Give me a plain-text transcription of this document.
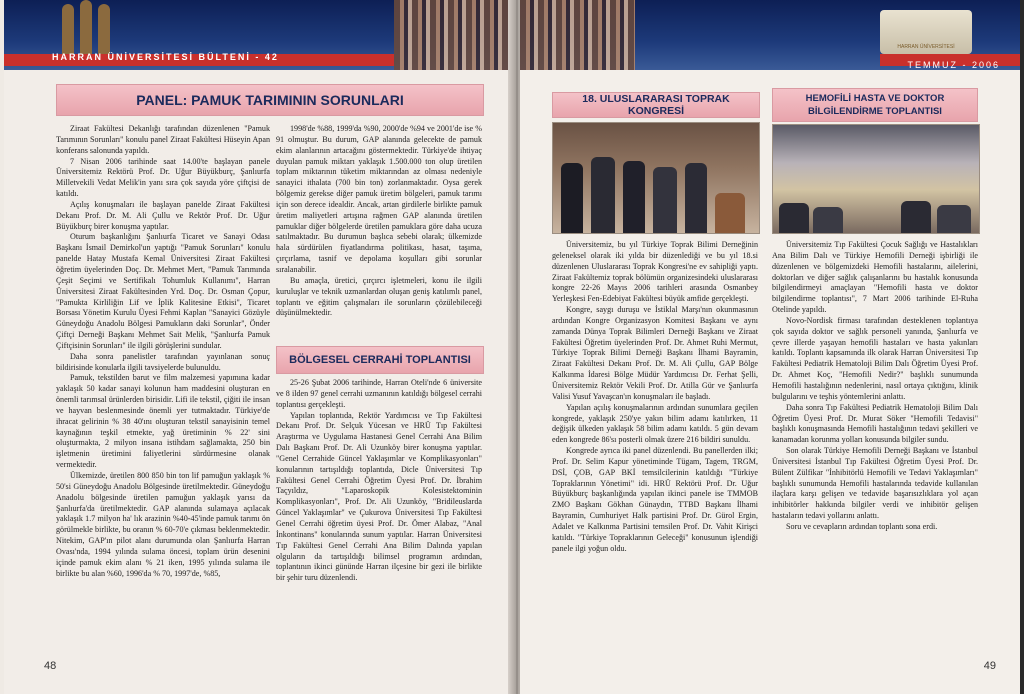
HARRAN ÜNİVERSİTESİ BÜLTENİ - 42
PANEL: PAMUK TARIMININ SORUNLARI

Ziraat Fakültesi Dekanlığı tarafından düzenlenen "Pamuk Tarımının Sorunları" konulu panel Ziraat Fakültesi Hüseyin Apan konferans salonunda yapıldı.

7 Nisan 2006 tarihinde saat 14.00'te başlayan panele Üniversitemiz Rektörü Prof. Dr. Uğur Büyükburç, Şanlıurfa Milletvekili Vedat Melik'in yanı sıra çok sayıda yöre çiftçisi de katıldı.

Açılış konuşmaları ile başlayan panelde Ziraat Fakültesi Dekanı Prof. Dr. M. Ali Çullu ve Rektör Prof. Dr. Uğur Büyükburç birer konuşma yaptılar.

Oturum başkanlığını Şanlıurfa Ticaret ve Sanayi Odası Başkanı İsmail Demirkol'un yaptığı "Pamuk Sorunları" konulu panelde Hatay Mustafa Kemal Üniversitesi Ziraat Fakültesi öğretim üyelerinden Doç. Dr. Mehmet Mert, "Pamuk Tarımında Çeşit Seçimi ve Sertifikalı Tohumluk Kullanımı", Harran Üniversitesi Ziraat Fakültesinden Yrd. Doç. Dr. Osman Çopur, "Pamukta Kirliliğin Lif ve İplik Kalitesine Etkisi", Ticaret Borsası Yönetim Kurulu Üyesi Fehmi Kaplan "Sanayici Gözüyle Güneydoğu Anadolu Bölgesi Pamukların daki Sorunlar", Önder Çiftçi Derneği Başkanı Mehmet Sait Melik, "Şanlıurfa Pamuk Çiftçisinin Sorunları" ile ilgili görüşlerini sundular.

Daha sonra panelistler tarafından yayınlanan sonuç bildirisinde konularla ilgili tavsiyelerde bulunuldu.

Pamuk, tekstilden barut ve film malzemesi yapımına kadar yaklaşık 50 kadar sanayi kolunun ham maddesini oluşturan en önemli tarımsal ürünlerden birisidir. Lifi ile tekstil, çiğiti ile insan ve hayvan beslenmesinde önemli yer tutmaktadır. Türkiye'de ihracat gelirinin % 38 40'ını oluşturan tekstil sanayisinin temel kaynağının teşkil etmekte, yağ üretiminin % 22' sini oluşturmakta, 2 milyon insana istihdam sağlamakta, 250 bin işletmenin üretimini faliyetlerini sürdürmesine olanak vermektedir.

Ülkemizde, üretilen 800 850 bin ton lif pamuğun yaklaşık % 50'si Güneydoğu Anadolu Bölgesinde üretilmektedir. Güneydoğu Anadolu bölgesinde üretilen pamuğun yaklaşık yarısı da Şanlıurfa'da üretilmektedir. GAP alanında sulamaya açılacak yaklaşık 1.7 milyon ha' lık arazinin %40-45'inde pamuk tarımı ön görülmekle birlikte, bu oranın % 60-70'e çıkması beklenmektedir. Nitekim, GAP'ın pilot alanı durumunda olan Şanlıurfa Harran Ovası'nda, 1994 yılında sulama öncesi, toplam ürün desenini içinde pamuk ekim alanı % 21 iken, 1995 yılında sulama ile birlikte bu alan %60, 1996'da % 70, 1997'de, %85,

1998'de %88, 1999'da %90, 2000'de %94 ve 2001'de ise % 91 olmuştur. Bu durum, GAP alanında gelecekte de pamuk ekim alanlarının artacağını göstermektedir. Türkiye'de ihtiyaç duyulan pamuk miktarı yaklaşık 1.500.000 ton olup üretilen toplam miktarının tüketim miktarından az olması nedeniyle sanayici ithalata (700 bin ton) zorlanmaktadır. Oysa gerek bölgemiz gerekse diğer pamuk üretim bölgeleri, pamuk tarımı için son derece idealdir. Ancak, artan girdilerle birlikte pamuk üretim maliyetleri artışına rağmen GAP alanında üretilen pamuklar diğer bölgelerde üretilen pamuklara göre daha ucuza satılmaktadır. Bu durumun başlıca sebebi olarak; ülkemizde hala sürdürülen fiyatlandırma politikası, hasat, taşıma, çırçırlama, tasnif ve depolama koşulları gibi sorunlar sıralanabilir.

Bu amaçla, üretici, çırçırcı işletmeleri, konu ile ilgili kuruluşlar ve teknik uzmanlardan oluşan geniş katılımlı panel, toplantı ve eğitim çalışmaları ile sorunların çözülebileceği düşünülmektedir.

BÖLGESEL CERRAHİ TOPLANTISI

25-26 Şubat 2006 tarihinde, Harran Oteli'nde 6 üniversite ve 8 ilden 97 genel cerrahi uzmanının katıldığı bölgesel cerrahi toplantısı gerçekleşti.

Yapılan toplantıda, Rektör Yardımcısı ve Tıp Fakültesi Dekanı Prof. Dr. Selçuk Yücesan ve HRÜ Tıp Fakültesi Araştırma ve Uygulama Hastanesi Genel Cerrahi Ana Bilim Dalı Başkanı Prof. Dr. Ali Uzunköy birer konuşma yaptılar. "Genel Cerrahide Güncel Yaklaşımlar ve Komplikasyonları" konularının tartışıldığı toplantıda, Dicle Üniversitesi Tıp Fakültesi Genel Cerrahi Öğretim Üyesi Prof. Dr. İbrahim Taçyıldız, "Laparoskopik Kolesistektominin Komplikasyonları", Prof. Dr. Ali Uzunköy, "Bridileuslarda Güncel Yaklaşımlar" ve Çukurova Üniversitesi Tıp Fakültesi Genel Cerrahi öğretim üyesi Prof. Dr. Ömer Alabaz, "Anal İnkontinans" konularında sunum yaptılar. Harran Üniversitesi Tıp Fakültesi Genel Cerrahi Ana Bilim Dalında yapılan olguların da tartışıldığı bilimsel programın ardından, toplantının ikinci gününde Harran ilçesine bir gezi ile birlikte bir şehir turu düzenlendi.

48
HARRAN ÜNİVERSİTESİ
TEMMUZ - 2006
18. ULUSLARARASI TOPRAK KONGRESİ
HEMOFİLİ HASTA VE DOKTOR BİLGİLENDİRME TOPLANTISI

Üniversitemiz, bu yıl Türkiye Toprak Bilimi Derneğinin geleneksel olarak iki yılda bir düzenlediği ve bu yıl 18.si düzenlenen Uluslararası Toprak Kongresi'ne ev sahipliği yaptı. Ziraat Fakültemiz toprak bölümün organizesindeki uluslararası kongre 22-26 Mayıs 2006 tarihleri arasında Osmanbey Yerleşkesi Fen-Edebiyat Fakültesi büyük amfide gerçekleşti.

Kongre, saygı duruşu ve İstiklal Marşı'nın okunmasının ardından Kongre Organizasyon Komitesi Başkanı ve aynı zamanda Dünya Toprak Bilimleri Derneği Başkanı ve Ziraat Fakültesi Öğretim üyelerinden Prof. Dr. Ahmet Ruhi Mermut, Türkiye Toprak Bilimi Derneği Başkanı İlhami Bayramin, Ziraat Fakültesi Dekanı Prof. Dr. M. Ali Çullu, GAP Bölge Kalkınma İdaresi Bölge Müdür Yardımcısı Dr. Ferhat Şelli, Üniversitemiz Rektör Vekili Prof. Dr. Atilla Gür ve Şanlıurfa Valisi Yusuf Yavaşcan'ın konuşmaları ile başladı.

Yapılan açılış konuşmalarının ardından sunumlara geçilen kongrede, yaklaşık 250'ye yakın bilim adamı katılırken, 11 değişik ülkeden yaklaşık 58 bilim adamı katıldı. 5 gün devam eden kongrede 86'sı posterli olmak üzere 216 bildiri sunuldu.

Kongrede ayrıca iki panel düzenlendi. Bu panellerden ilki; Prof. Dr. Selim Kapur yönetiminde Tügam, Tagem, TRGM, DSİ, ÇOB, GAP BKİ temsilcilerinin katıldığı "Türkiye Topraklarının Yönetimi" idi. HRÜ Rektörü Prof. Dr. Uğur Büyükburç başkanlığında yapılan ikinci panele ise TMMOB ZMO Başkanı Gökhan Günaydın, TTBD Başkanı İlhami Bayramin, Cumhuriyet Halk partisini Prof. Dr. Gürol Ergin, Adalet ve Kalkınma Partisini temsilen Prof. Dr. Vahit Kirişci katıldı. "Türkiye Topraklarının Geleceği" konusunun işlendiği panele ilgi yoğun oldu.

Üniversitemiz Tıp Fakültesi Çocuk Sağlığı ve Hastalıkları Ana Bilim Dalı ve Türkiye Hemofili Derneği işbirliği ile düzenlenen ve bölgemizdeki Hemofili hastalarını, ailelerini, doktorları ve diğer sağlık çalışanlarını bu hastalık konusunda bilgilendirmeyi amaçlayan "Hemofili hasta ve doktor bilgilendirme toplantısı", 7 Mart 2006 tarihinde El-Ruha Otelinde yapıldı.

Novo-Nordisk firması tarafından desteklenen toplantıya çok sayıda doktor ve sağlık personeli yanında, Şanlıurfa ve çevre illerde yaşayan hemofili hastaları ve hasta yakınları katıldı. Toplantı kapsamında ilk olarak Harran Üniversitesi Tıp Fakültesi Pediatrik Hematoloji Bilim Dalı Öğretim Üyesi Prof. Dr. Ahmet Koç, "Hemofili Nedir?" başlıklı sunumunda Hemofili hastalığının nedenlerini, nasıl ortaya çıktığını, klinik bulgularını ve teşhis yöntemlerini anlattı.

Daha sonra Tıp Fakültesi Pediatrik Hematoloji Bilim Dalı Öğretim Üyesi Prof. Dr. Murat Söker "Hemofili Tedavisi" başlıklı konuşmasında Hemofili hastalığının tedavi şekilleri ve kanamadan korunma yolları konusunda bilgiler sundu.

Son olarak Türkiye Hemofili Derneği Başkanı ve İstanbul Üniversitesi İstanbul Tıp Fakültesi Öğretim Üyesi Prof. Dr. Bülent Zülfikar "İnhibitörlü Hemofili ve Tedavi Yaklaşımları" başlıklı sunumunda Hemofili hastalarında tedavide kullanılan ilaçlara karşı gelişen ve tedavide başarısızlıklara yol açan inhibitörler hakkında bilgiler verdi ve inhibitör gelişen hastaların tedavi yollarını anlattı.

Soru ve cevapların ardından toplantı sona erdi.

49
